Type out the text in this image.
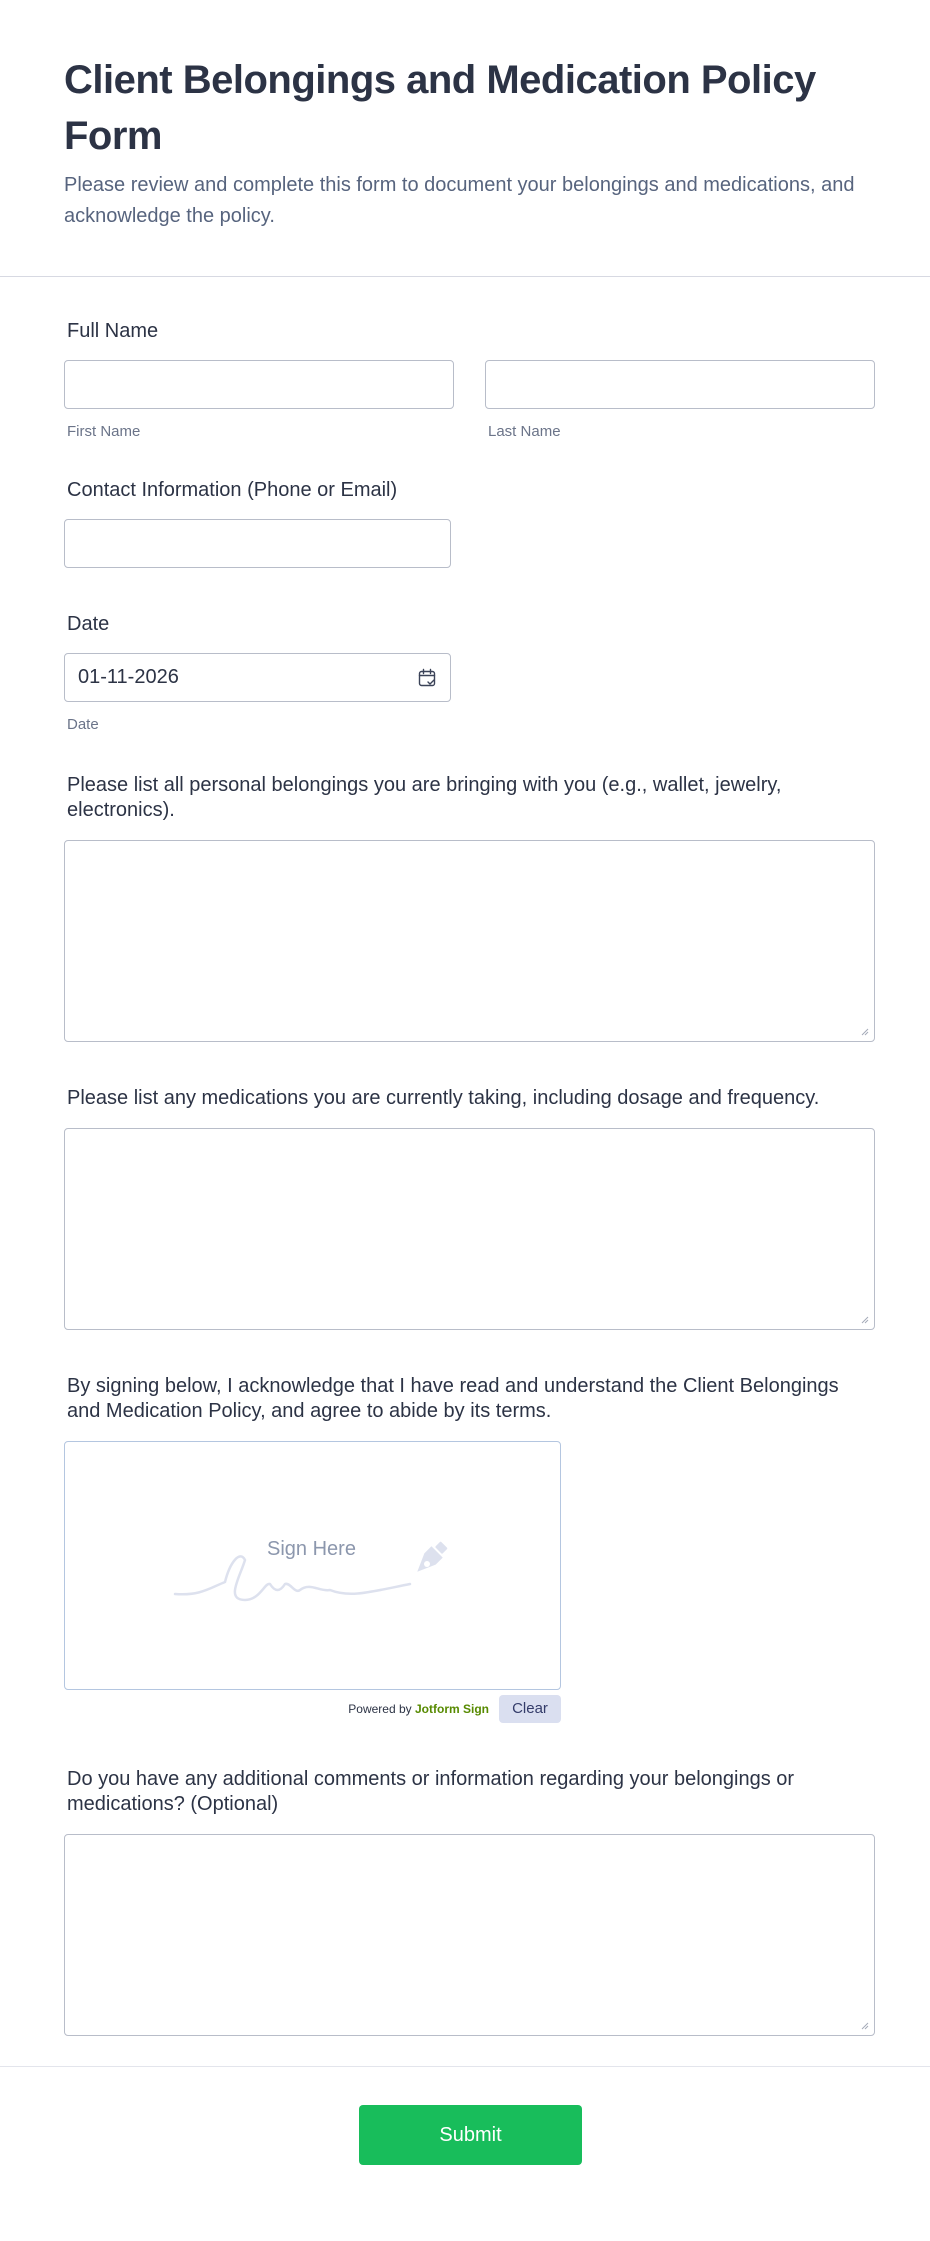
Client Belongings and Medication Policy Form

Please review and complete this form to document your belongings and medications, and acknowledge the policy.

Full Name
First Name	Last Name
Contact Information (Phone or Email)
Date
01-11-2026
Date
Please list all personal belongings you are bringing with you (e.g., wallet, jewelry, electronics).
Please list any medications you are currently taking, including dosage and frequency.
By signing below, I acknowledge that I have read and understand the Client Belongings and Medication Policy, and agree to abide by its terms.
Sign Here
Powered by Jotform Sign	Clear
Do you have any additional comments or information regarding your belongings or medications? (Optional)
Submit
